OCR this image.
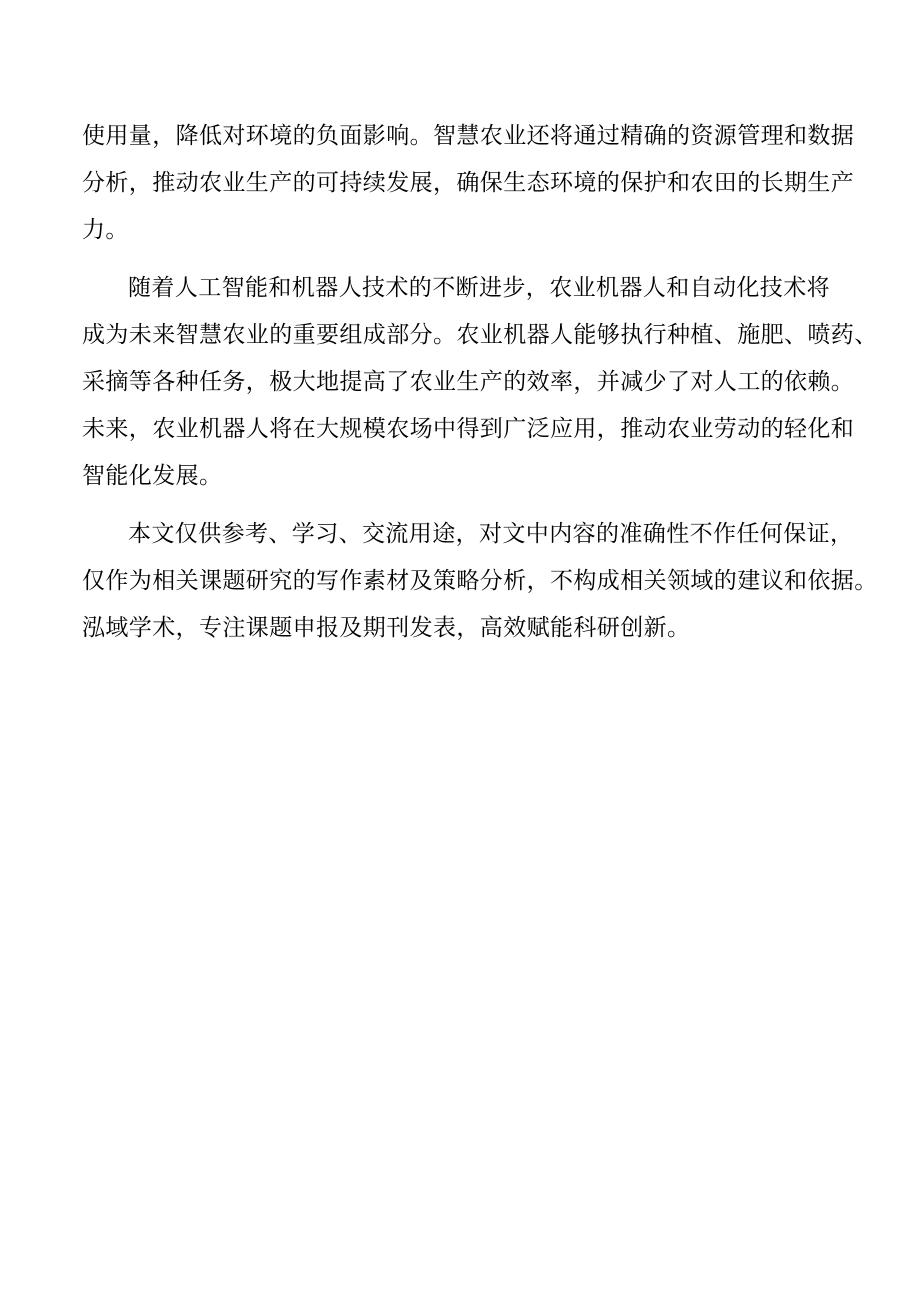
使用量，降低对环境的负面影响。智慧农业还将通过精确的资源管理和数据
分析，推动农业生产的可持续发展，确保生态环境的保护和农田的长期生产
力。
随着人工智能和机器人技术的不断进步，农业机器人和自动化技术将
成为未来智慧农业的重要组成部分。农业机器人能够执行种植、施肥、喷药、
采摘等各种任务，极大地提高了农业生产的效率，并减少了对人工的依赖。
未来，农业机器人将在大规模农场中得到广泛应用，推动农业劳动的轻化和
智能化发展。
本文仅供参考、学习、交流用途，对文中内容的准确性不作任何保证，
仅作为相关课题研究的写作素材及策略分析，不构成相关领域的建议和依据。
泓域学术，专注课题申报及期刊发表，高效赋能科研创新。
